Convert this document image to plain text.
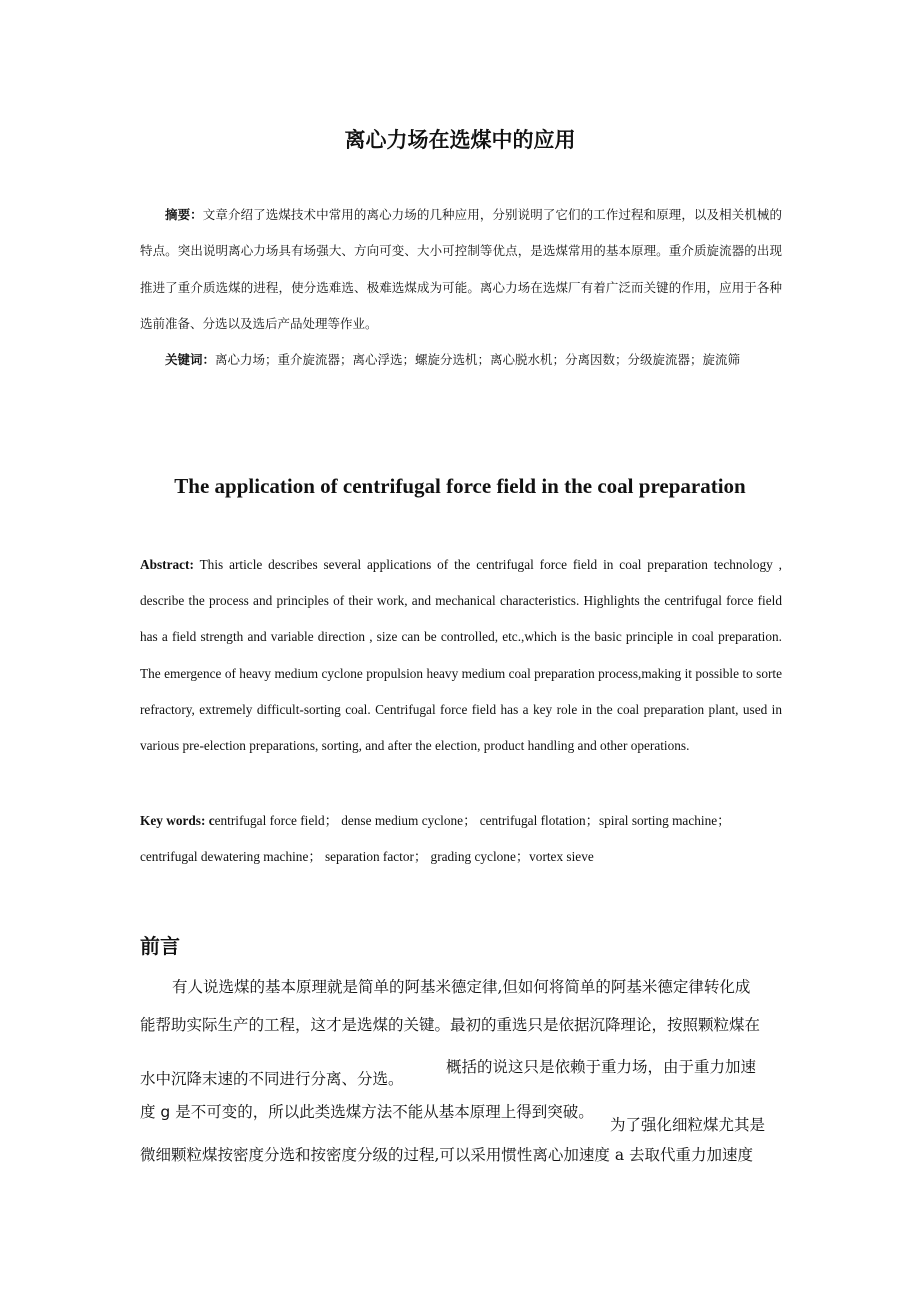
离心力场在选煤中的应用

摘要：文章介绍了选煤技术中常用的离心力场的几种应用，分别说明了它们的工作过程和原理，以及相关机械的特点。突出说明离心力场具有场强大、方向可变、大小可控制等优点，是选煤常用的基本原理。重介质旋流器的出现推进了重介质选煤的进程，使分选难选、极难选煤成为可能。离心力场在选煤厂有着广泛而关键的作用，应用于各种选前准备、分选以及选后产品处理等作业。

关键词：离心力场；重介旋流器；离心浮选；螺旋分选机；离心脱水机；分离因数；分级旋流器；旋流筛

The application of centrifugal force field in the coal preparation

Abstract: This article describes several applications of the centrifugal force field in coal preparation technology , describe the process and principles of their work, and mechanical characteristics. Highlights the centrifugal force field has a field strength and variable direction , size can be controlled, etc.,which is the basic principle in coal preparation. The emergence of heavy medium cyclone propulsion heavy medium coal preparation process,making it possible to sorte refractory, extremely difficult-sorting coal. Centrifugal force field has a key role in the coal preparation plant, used in various pre-election preparations, sorting, and after the election, product handling and other operations.

Key words: centrifugal force field； dense medium cyclone； centrifugal flotation；spiral sorting machine；
centrifugal dewatering machine； separation factor； grading cyclone；vortex sieve
前言
有人说选煤的基本原理就是简单的阿基米德定律,但如何将简单的阿基米德定律转化成
能帮助实际生产的工程，这才是选煤的关键。最初的重选只是依据沉降理论，按照颗粒煤在
水中沉降末速的不同进行分离、分选。
概括的说这只是依赖于重力场，由于重力加速
度 g 是不可变的，所以此类选煤方法不能从基本原理上得到突破。
为了强化细粒煤尤其是
微细颗粒煤按密度分选和按密度分级的过程,可以采用惯性离心加速度 a 去取代重力加速度
